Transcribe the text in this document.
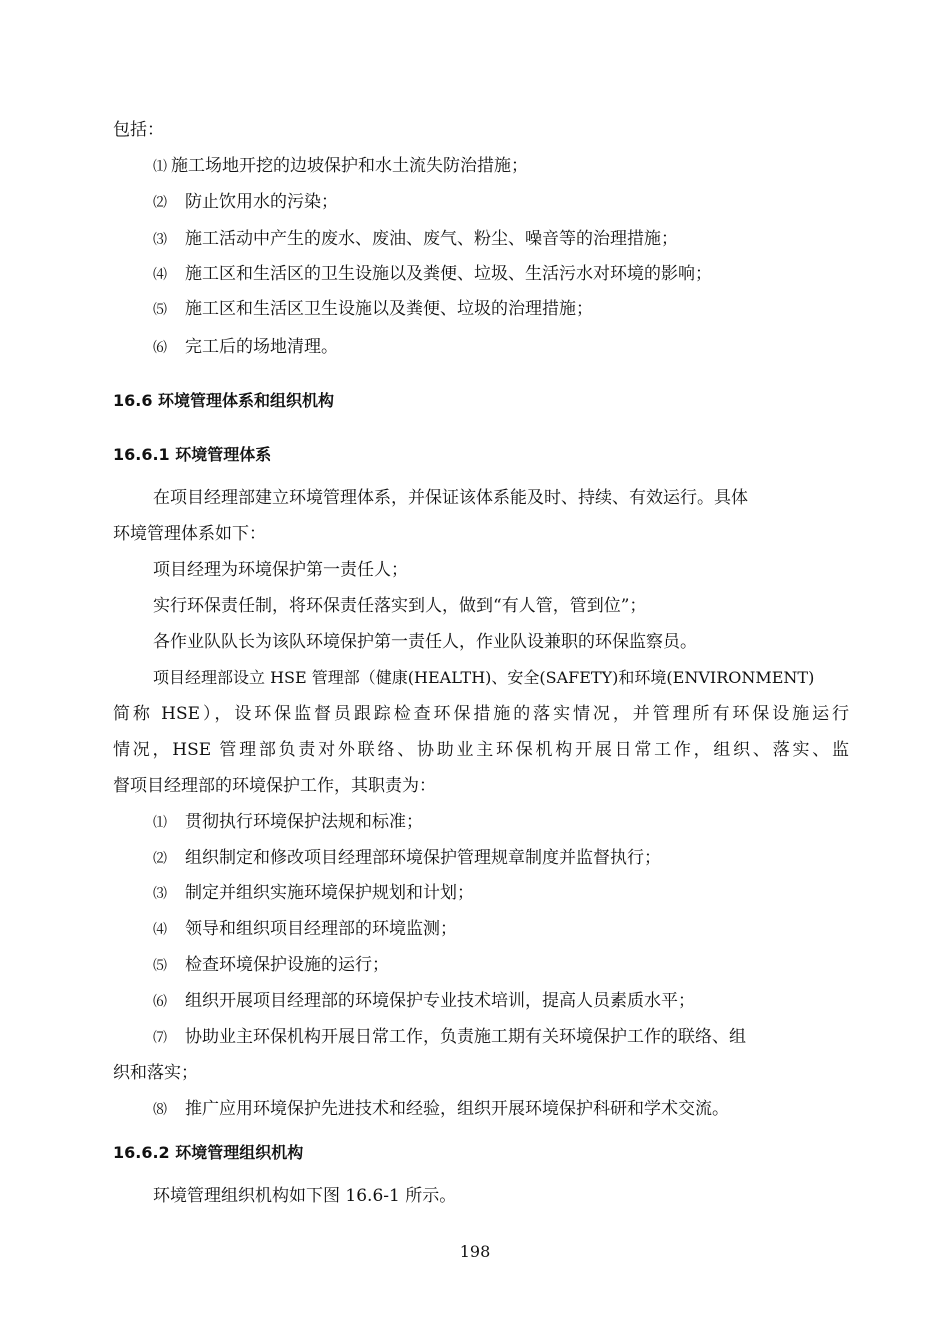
包括：
⑴ 施工场地开挖的边坡保护和水土流失防治措施；
⑵ 防止饮用水的污染；
⑶ 施工活动中产生的废水、废油、废气、粉尘、噪音等的治理措施；
⑷ 施工区和生活区的卫生设施以及粪便、垃圾、生活污水对环境的影响；
⑸ 施工区和生活区卫生设施以及粪便、垃圾的治理措施；
⑹ 完工后的场地清理。
16.6 环境管理体系和组织机构
16.6.1 环境管理体系
在项目经理部建立环境管理体系，并保证该体系能及时、持续、有效运行。具体
环境管理体系如下：
项目经理为环境保护第一责任人；
实行环保责任制，将环保责任落实到人，做到“有人管，管到位”；
各作业队队长为该队环境保护第一责任人，作业队设兼职的环保监察员。
项目经理部设立 HSE 管理部（健康(HEALTH)、安全(SAFETY)和环境(ENVIRONMENT)
简称 HSE），设环保监督员跟踪检查环保措施的落实情况，并管理所有环保设施运行
情况，HSE 管理部负责对外联络、协助业主环保机构开展日常工作，组织、落实、监
督项目经理部的环境保护工作，其职责为：
⑴ 贯彻执行环境保护法规和标准；
⑵ 组织制定和修改项目经理部环境保护管理规章制度并监督执行；
⑶ 制定并组织实施环境保护规划和计划；
⑷ 领导和组织项目经理部的环境监测；
⑸ 检查环境保护设施的运行；
⑹ 组织开展项目经理部的环境保护专业技术培训，提高人员素质水平；
⑺ 协助业主环保机构开展日常工作，负责施工期有关环境保护工作的联络、组
织和落实；
⑻ 推广应用环境保护先进技术和经验，组织开展环境保护科研和学术交流。
16.6.2 环境管理组织机构
环境管理组织机构如下图 16.6-1 所示。
198
